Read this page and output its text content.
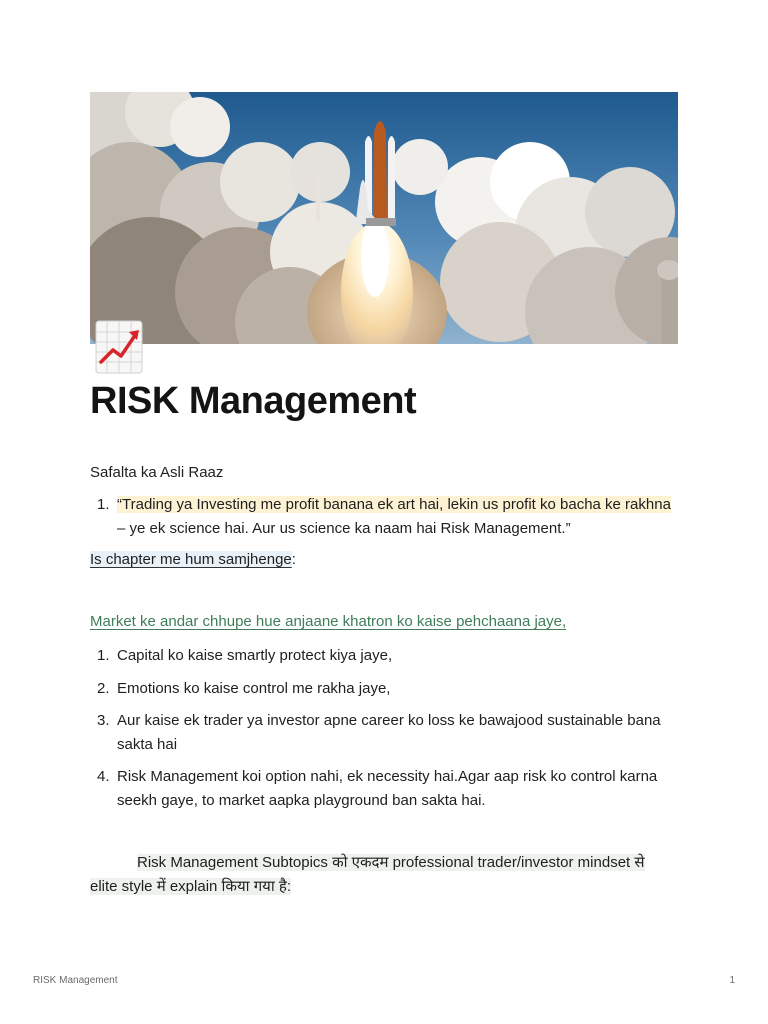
RISK Management

Safalta ka Asli Raaz

1. “Trading ya Investing me profit banana ek art hai, lekin us profit ko bacha ke rakhna – ye ek science hai. Aur us science ka naam hai Risk Management.”

Is chapter me hum samjhenge:

Market ke andar chhupe hue anjaane khatron ko kaise pehchaana jaye,

1. Capital ko kaise smartly protect kiya jaye,
2. Emotions ko kaise control me rakha jaye,
3. Aur kaise ek trader ya investor apne career ko loss ke bawajood sustainable bana sakta hai
4. Risk Management koi option nahi, ek necessity hai.Agar aap risk ko control karna seekh gaye, to market aapka playground ban sakta hai.
Risk Management Subtopics को एकदम professional trader/investor mindset से
elite style में explain किया गया है:
RISK Management	1
